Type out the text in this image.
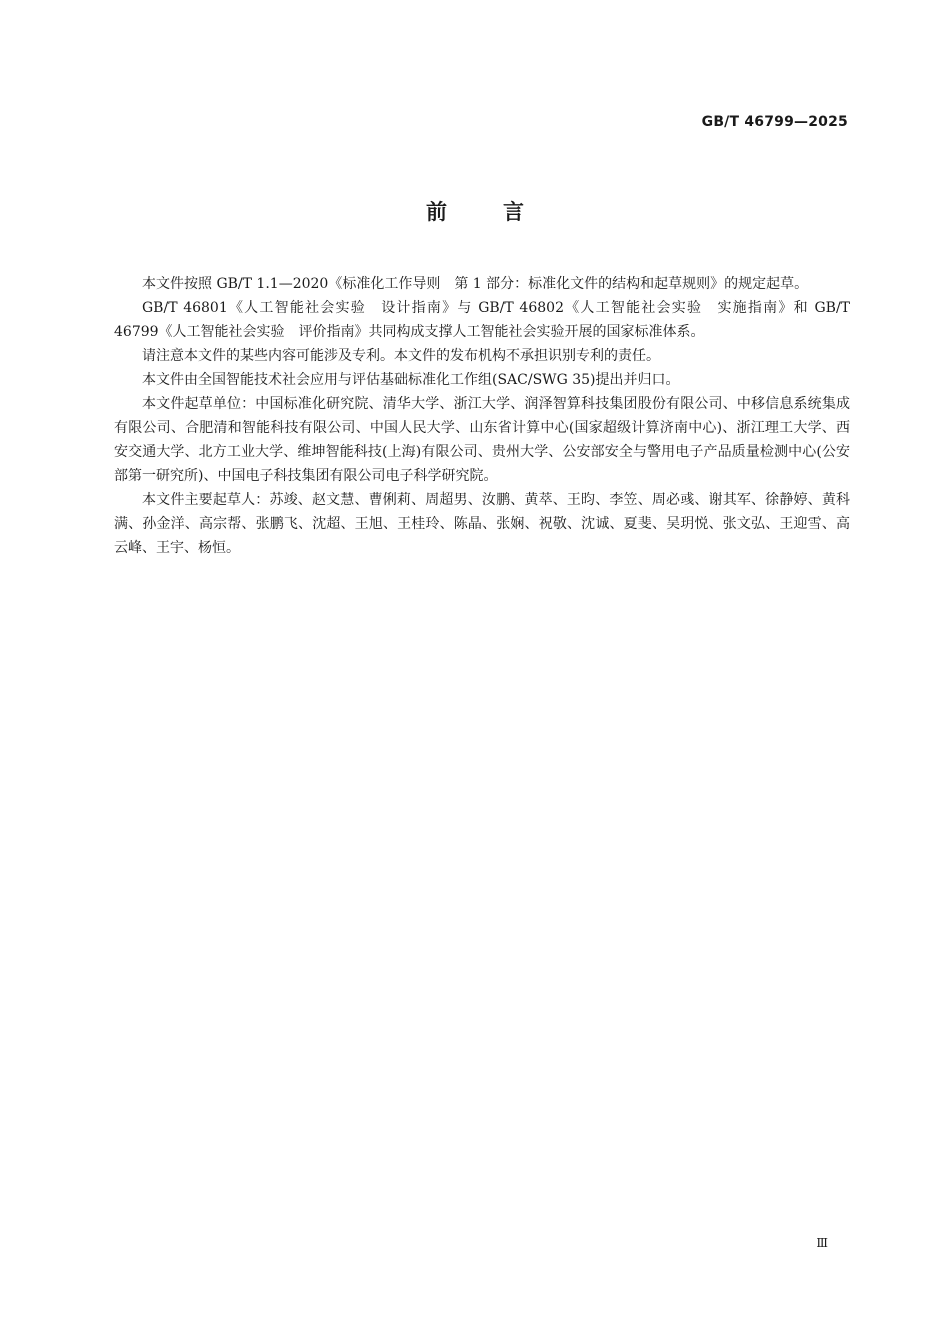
GB/T 46799—2025
前言

本文件按照 GB/T 1.1—2020《标准化工作导则　第 1 部分：标准化文件的结构和起草规则》的规定起草。

GB/T 46801《人工智能社会实验　设计指南》与 GB/T 46802《人工智能社会实验　实施指南》和 GB/T 46799《人工智能社会实验　评价指南》共同构成支撑人工智能社会实验开展的国家标准体系。

请注意本文件的某些内容可能涉及专利。本文件的发布机构不承担识别专利的责任。

本文件由全国智能技术社会应用与评估基础标准化工作组(SAC/SWG 35)提出并归口。

本文件起草单位：中国标准化研究院、清华大学、浙江大学、润泽智算科技集团股份有限公司、中移信息系统集成有限公司、合肥清和智能科技有限公司、中国人民大学、山东省计算中心(国家超级计算济南中心)、浙江理工大学、西安交通大学、北方工业大学、维坤智能科技(上海)有限公司、贵州大学、公安部安全与警用电子产品质量检测中心(公安部第一研究所)、中国电子科技集团有限公司电子科学研究院。

本文件主要起草人：苏竣、赵文慧、曹俐莉、周超男、汝鹏、黄萃、王昀、李笠、周必彧、谢其军、徐静婷、黄科满、孙金洋、高宗帮、张鹏飞、沈超、王旭、王桂玲、陈晶、张娴、祝敬、沈诚、夏斐、吴玥悦、张文弘、王迎雪、高云峰、王宇、杨恒。

Ⅲ
